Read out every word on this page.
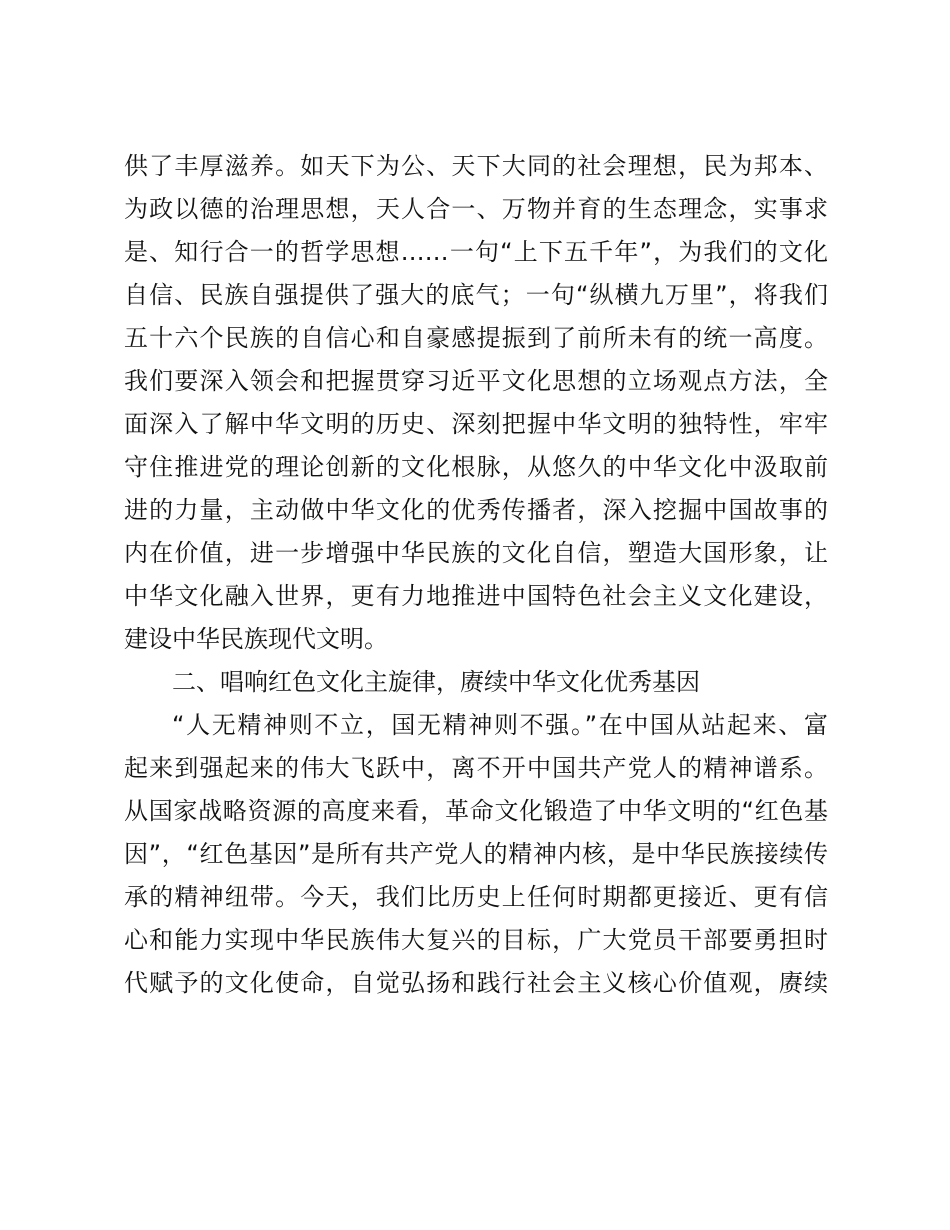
供了丰厚滋养。如天下为公、天下大同的社会理想，民为邦本、
为政以德的治理思想，天人合一、万物并育的生态理念，实事求
是、知行合一的哲学思想……一句“上下五千年”，为我们的文化
自信、民族自强提供了强大的底气；一句“纵横九万里”，将我们
五十六个民族的自信心和自豪感提振到了前所未有的统一高度。
我们要深入领会和把握贯穿习近平文化思想的立场观点方法，全
面深入了解中华文明的历史、深刻把握中华文明的独特性，牢牢
守住推进党的理论创新的文化根脉，从悠久的中华文化中汲取前
进的力量，主动做中华文化的优秀传播者，深入挖掘中国故事的
内在价值，进一步增强中华民族的文化自信，塑造大国形象，让
中华文化融入世界，更有力地推进中国特色社会主义文化建设，
建设中华民族现代文明。
二、唱响红色文化主旋律，赓续中华文化优秀基因
“人无精神则不立，国无精神则不强。”在中国从站起来、富
起来到强起来的伟大飞跃中，离不开中国共产党人的精神谱系。
从国家战略资源的高度来看，革命文化锻造了中华文明的“红色基
因”，“红色基因”是所有共产党人的精神内核，是中华民族接续传
承的精神纽带。今天，我们比历史上任何时期都更接近、更有信
心和能力实现中华民族伟大复兴的目标，广大党员干部要勇担时
代赋予的文化使命，自觉弘扬和践行社会主义核心价值观，赓续
